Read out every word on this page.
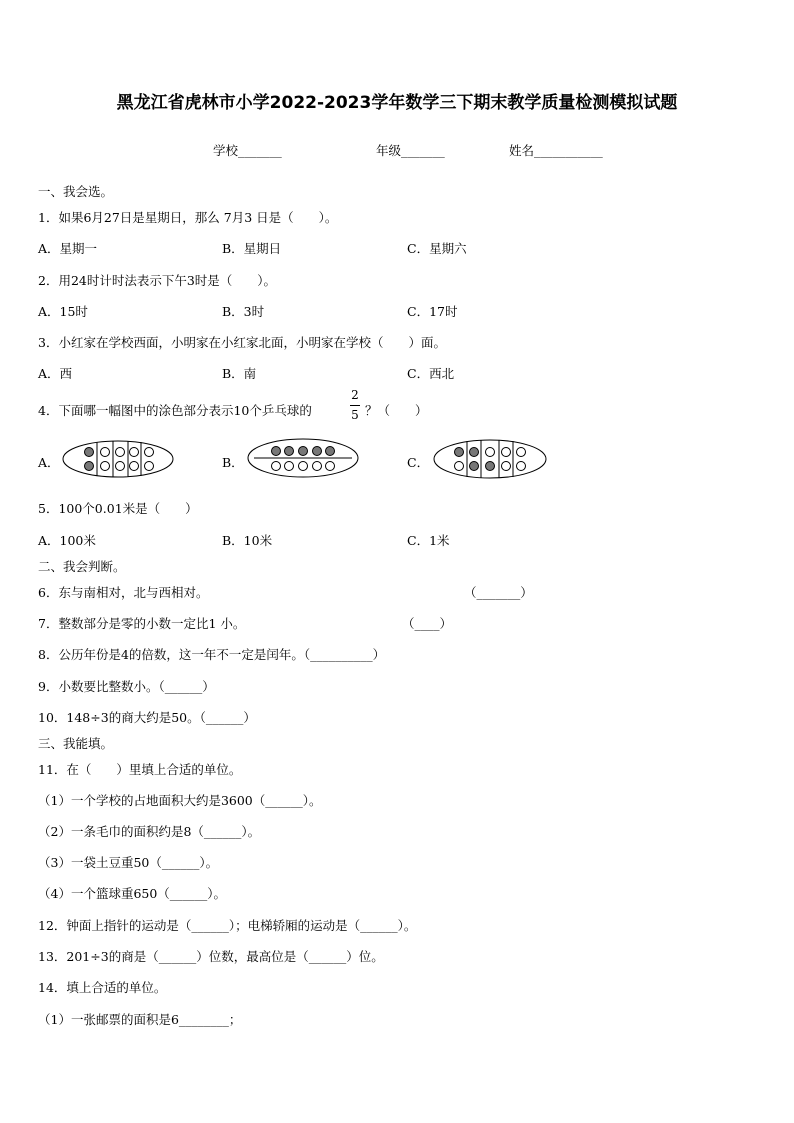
黑龙江省虎林市小学2022-2023学年数学三下期末教学质量检测模拟试题
学校_______	年级_______	姓名___________
一、我会选。
1．如果6月27日是星期日，那么 7月3 日是（　　）。
A．星期一	B．星期日	C．星期六
2．用24时计时法表示下午3时是（　　）。
A．15时	B．3时	C．17时
3．小红家在学校西面，小明家在小红家北面，小明家在学校（　　）面。
A．西	B．南	C．西北
4．下面哪一幅图中的涂色部分表示10个乒乓球的
2
5 ？（　　）
A．	B．	C．
5．100个0.01米是（　　）
A．100米	B．10米	C．1米
二、我会判断。
6．东与南相对，北与西相对。	（_______）
7．整数部分是零的小数一定比1 小。	（____）
8．公历年份是4的倍数，这一年不一定是闰年。（__________）
9．小数要比整数小。（______）
10．148÷3的商大约是50。（______）
三、我能填。
11．在（　　）里填上合适的单位。
（1）一个学校的占地面积大约是3600（______）。
（2）一条毛巾的面积约是8（______）。
（3）一袋土豆重50（______）。
（4）一个篮球重650（______）。
12．钟面上指针的运动是（______）；电梯轿厢的运动是（______）。
13．201÷3的商是（______）位数，最高位是（______）位。
14．填上合适的单位。
（1）一张邮票的面积是6________；
